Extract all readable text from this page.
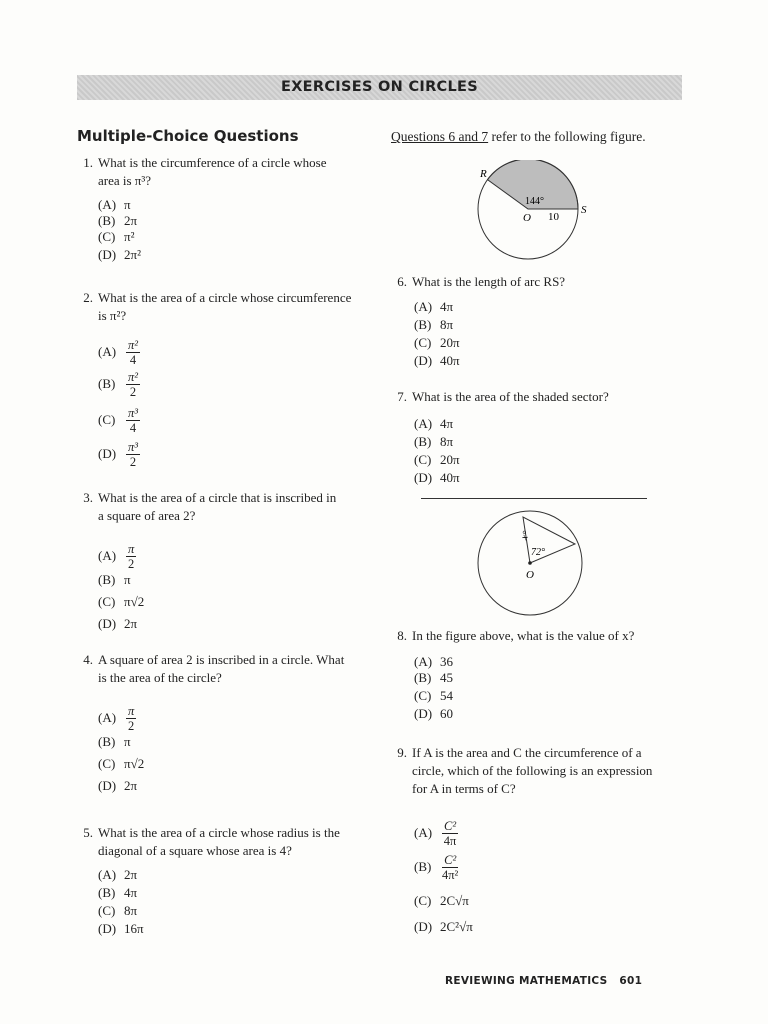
EXERCISES ON CIRCLES
Multiple-Choice Questions	Questions 6 and 7 refer to the following figure.
1. What is the circumference of a circle whose
area is π³?
(A) π
(B) 2π
(C) π²
(D) 2π²
2. What is the area of a circle whose circumference
is π²?
$(A) \frac{\text{π²}}{4}$
$(B) \frac{\text{π²}}{2}$
$(C) \frac{\text{π³}}{4}$
$(D) \frac{\text{π³}}{2}$
3. What is the area of a circle that is inscribed in
a square of area 2?
$(A) \frac{\pi}{2}$
(B) π
(C) π√2
(D) 2π
4. A square of area 2 is inscribed in a circle. What
is the area of the circle?
$(A) \frac{\pi}{2}$
(B) π
(C) π√2
(D) 2π
5. What is the area of a circle whose radius is the
diagonal of a square whose area is 4?
(A) 2π
(B) 4π
(C) 8π
(D) 16π
6. What is the length of arc RS?
(A) 4π
(B) 8π
(C) 20π
(D) 40π
7. What is the area of the shaded sector?
(A) 4π
(B) 8π
(C) 20π
(D) 40π
8. In the figure above, what is the value of x?
(A) 36
(B) 45
(C) 54
(D) 60
9. If A is the area and C the circumference of a
circle, which of the following is an expression
for A in terms of C?
$(A) \frac{\text{C²}}{4\pi}$
$(B) \frac{\text{C²}}{\text{4π²}}$
(C) 2C√π
(D) 2C²√π
R
S
O
144°
10
x°
72°
O
REVIEWING MATHEMATICS 601
